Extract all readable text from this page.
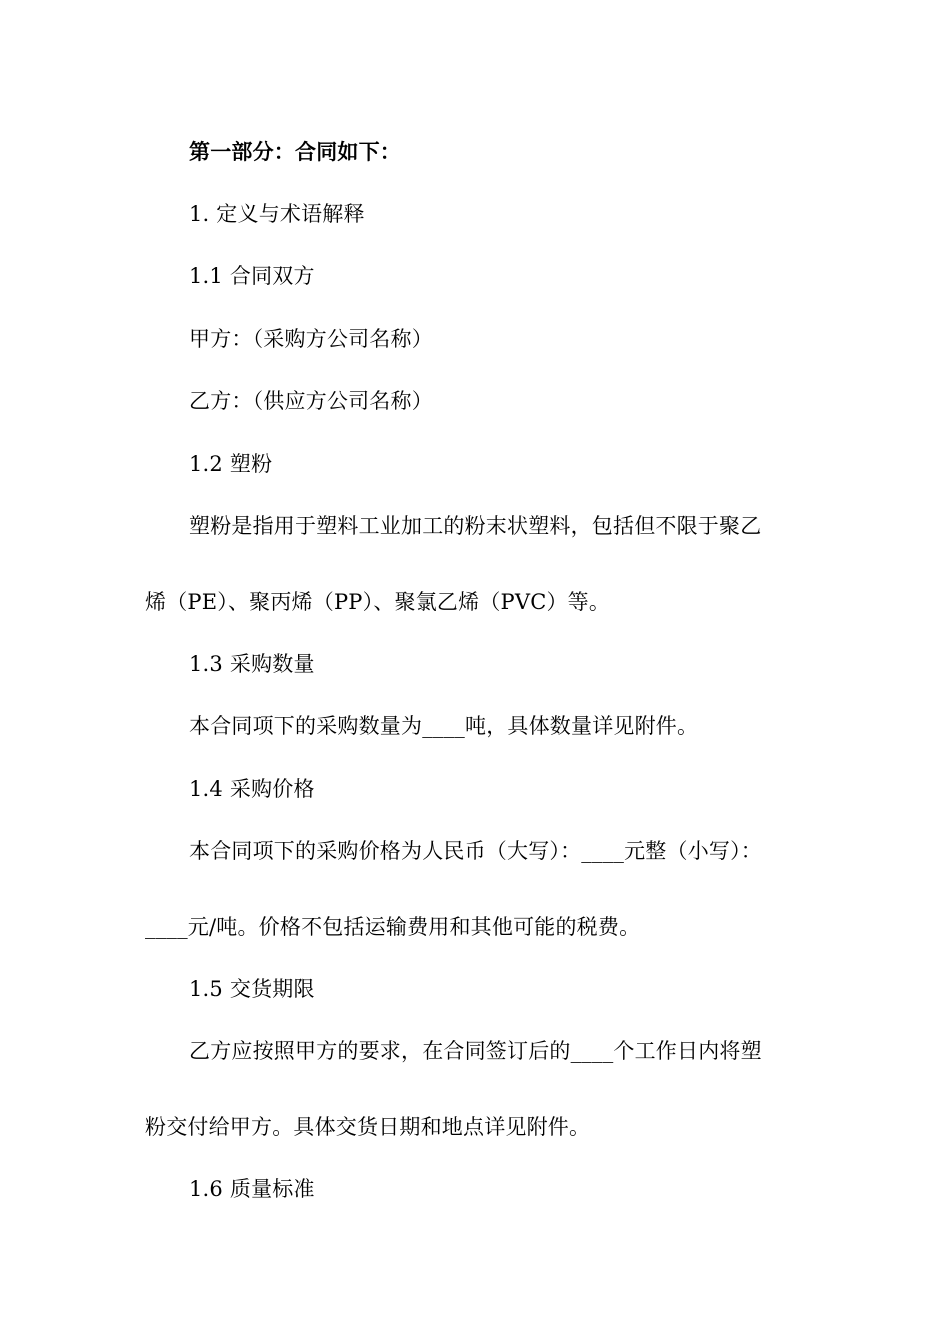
第一部分：合同如下：

1. 定义与术语解释

1.1 合同双方

甲方：（采购方公司名称）

乙方：（供应方公司名称）

1.2 塑粉

塑粉是指用于塑料工业加工的粉末状塑料，包括但不限于聚乙

烯（PE）、聚丙烯（PP）、聚氯乙烯（PVC）等。

1.3 采购数量

本合同项下的采购数量为____吨，具体数量详见附件。

1.4 采购价格

本合同项下的采购价格为人民币（大写）：____元整（小写）：

____元/吨。价格不包括运输费用和其他可能的税费。

1.5 交货期限

乙方应按照甲方的要求，在合同签订后的____个工作日内将塑

粉交付给甲方。具体交货日期和地点详见附件。

1.6 质量标准
